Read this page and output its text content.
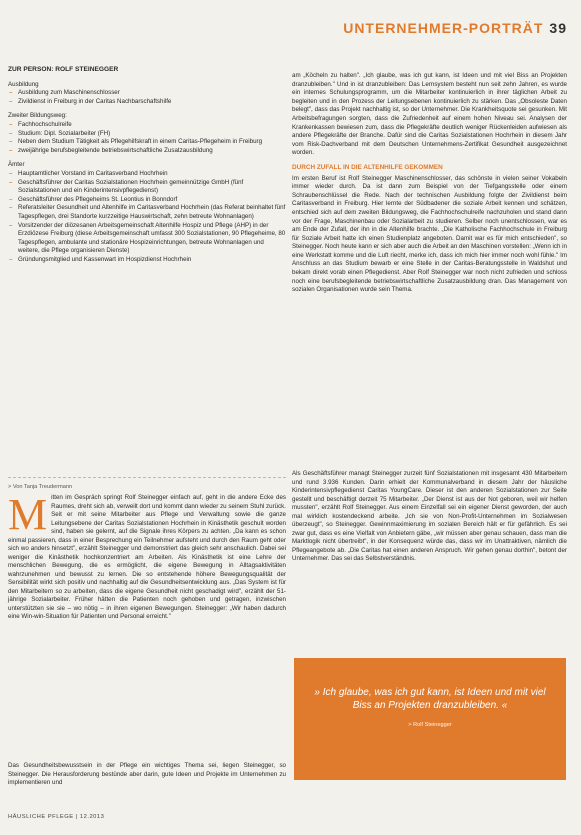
UNTERNEHMER-PORTRÄT 39
ZUR PERSON: ROLF STEINEGGER
Ausbildung
– Ausbildung zum Maschinenschlosser
– Zivildienst in Freiburg in der Caritas Nachbarschaftshilfe
Zweiter Bildungsweg:
– Fachhochschulreife
– Studium: Dipl. Sozialarbeiter (FH)
– Neben dem Studium Tätigkeit als Pflegehilfskraft in einem Caritas-Pflegeheim in Freiburg
– zweijährige berufsbegleitende betriebswirtschaftliche Zusatzausbildung
Ämter
– Hauptamtlicher Vorstand im Caritasverband Hochrhein
– Geschäftsführer der Caritas Sozialstationen Hochrhein gemeinnützige GmbH (fünf Sozialstationen und ein Kinderintensivpflegedienst)
– Geschäftsführer des Pflegeheims St. Leontius in Bonndorf
– Referatsleiter Gesundheit und Altenhilfe im Caritasverband Hochrhein (das Referat beinhaltet fünf Tagespflegen, drei Standorte kurzzeitige Hauswirtschaft, zehn betreute Wohnanlagen)
– Vorsitzender der diözesanen Arbeitsgemeinschaft Altenhilfe Hospiz und Pflege (AHP) in der Erzdiözese Freiburg (diese Arbeitsgemeinschaft umfasst 300 Sozialstationen, 90 Pflegeheime, 80 Tagespflegen, ambulante und stationäre Hospizeinrichtungen, betreute Wohnanlagen und weitere, die Pflege organisieren Dienste)
– Gründungsmitglied und Kassenwart im Hospizdienst Hochrhein
> Von Tanja Treudermann
Mitten im Gespräch springt Rolf Steinegger einfach auf, geht in die andere Ecke des Raumes, dreht sich ab, verweilt dort und kommt dann wieder zu seinem Stuhl zurück. Seit er mit seine Mitarbeiter aus Pflege und Verwaltung sowie die ganze Leitungsebene der Caritas Sozialstationen Hochrhein in Kinästhetik geschult worden sind, haben sie gelernt, auf die Signale ihres Körpers zu achten. „Da kann es schon einmal passieren, dass in einer Besprechung ein Teilnehmer aufsteht und durch den Raum geht oder sich wo anders hinsetzt", erzählt Steinegger und demonstriert das gleich sehr anschaulich. Dabei sei weniger die Kinästhetik hochkonzentriert am Arbeiten. Als Kinästhetik ist eine Lehre der menschlichen Bewegung, die es ermöglicht, die eigene Bewegung in Alltagsaktivitäten wahrzunehmen und bewusst zu lernen. Die so entstehende höhere Bewegungsqualität der Sensibilität wirkt sich positiv und nachhaltig auf die Gesundheitsentwicklung aus. „Das System ist für den Mitarbeitern so zu arbeiten, dass die eigene Gesundheit nicht geschadigt wird", erzählt der 51-jährige Sozialarbeiter. Früher hätten die Patienten noch gehoben und getragen, inzwischen unterstützten sie sie – wo nötig – in ihren eigenen Bewegungen. Steinegger: „Wir haben dadurch eine Win-win-Situation für Patienten und Personal erreicht."
Das Gesundheitsbewusstsein in der Pflege ein wichtiges Thema sei, liegen Steinegger, so Steinegger. Die Herausforderung bestünde aber darin, gute Ideen und Projekte im Unternehmen zu implementieren und

am „Köcheln zu halten". „Ich glaube, was ich gut kann, ist Ideen und mit viel Biss an Projekten dranzubleiben." Und in ist dranzubleiben: Das Lernsystem besteht nun seit zehn Jahren, es wurde ein internes Schulungsprogramm, um die Mitarbeiter kontinuierlich in ihrer täglichen Arbeit zu begleiten und in den Prozess der Leitungsebenen kontinuierlich zu stärken. Das „Obsoleste Daten belegt", dass das Projekt nachhaltig ist, so der Unternehmer. Die Krankheitsquote sei gesunken. Mit Arbeitsbefragungen sorgten, dass die Zufriedenheit auf einem hohen Niveau sei. Analysen der Krankenkassen bewiesen zum, dass die Pflegekräfte deutlich weniger Rückenleiden aufwiesen als andere Pflegekräfte der Branche. Dafür sind die Caritas Sozialstationen Hochrhein in diesem Jahr vom Risk-Dachverband mit dem Deutschen Unternehmens-Zertifikat Gesundheit ausgezeichnet worden.

DURCH ZUFALL IN DIE ALTENHILFE GEKOMMEN

Im ersten Beruf ist Rolf Steinegger Maschinenschlosser, das schönste in vielen seiner Vokabeln immer wieder durch. Da ist dann zum Beispiel von der Tiefgangsstelle oder einem Schraubenschlüssel die Rede. Nach der technischen Ausbildung folgte der Zivildienst beim Caritasverband in Freiburg. Hier lernte der Südbadener die soziale Arbeit kennen und schätzen, entschied sich auf dem zweiten Bildungsweg, die Fachhochschulreife nachzuholen und stand dann vor der Frage, Maschinenbau oder Sozialarbeit zu studieren. Selber noch unentschlossen, war es am Ende der Zufall, der ihn in die Altenhilfe brachte. „Die Katholische Fachhochschule in Freiburg für Soziale Arbeit hatte ich einen Studienplatz angeboten. Damit war es für mich entschieden", so Steinegger. Noch heute kann er sich aber auch die Arbeit an den Maschinen vorstellen: „Wenn ich in eine Werkstatt komme und die Luft riecht, merke ich, dass ich mich hier immer noch wohl fühle." Im Anschluss an das Studium bewarb er eine Stelle in der Caritas-Beratungsstelle in Waldshut und bekam direkt vorab einen Pflegedienst. Aber Rolf Steinegger war noch nicht zufrieden und schloss noch eine berufsbegleitende betriebswirtschaftliche Zusatzausbildung dran. Das Management von sozialen Organisationen wurde sein Thema.

Als Geschäftsführer managt Steinegger zurzeit fünf Sozialstationen mit insgesamt 430 Mitarbeitern und rund 3.936 Kunden. Darin erhielt der Kommunalverband in diesem Jahr der häusliche Kinderintensivpflegedienst Caritas YoungCare. Dieser ist den anderen Sozialstationen zur Seite gestellt und beschäftigt derzeit 75 Mitarbeiter. „Der Dienst ist aus der Not geboren, weil wir helfen mussten", erzählt Rolf Steinegger. Aus einem Einzelfall sei ein eigener Dienst geworden, der auch mal wirklich kostendeckend arbeite. „Ich sie von Non-Profit-Unternehmen im Sozialwesen überzeugt", so Steinegger. Gewinnmaximierung im sozialen Bereich hält er für gefährlich. Es sei zwar gut, dass es eine Vielfalt von Anbietern gäbe, „wir müssen aber genau schauen, dass man die Marktlogik nicht übertreibt", in der Konsequenz würde das, dass wir im Unattraktiven, nämlich die Pflegeangebote ab. „Die Caritas hat einen anderen Anspruch. Wir gehen genau dorthin", betont der Unternehmer. Das sei das Selbstverständnis.
» Ich glaube, was ich gut kann, ist Ideen und mit viel Biss an Projekten dranzubleiben. «
> Rolf Steinegger
HÄUSLICHE PFLEGE | 12.2013
